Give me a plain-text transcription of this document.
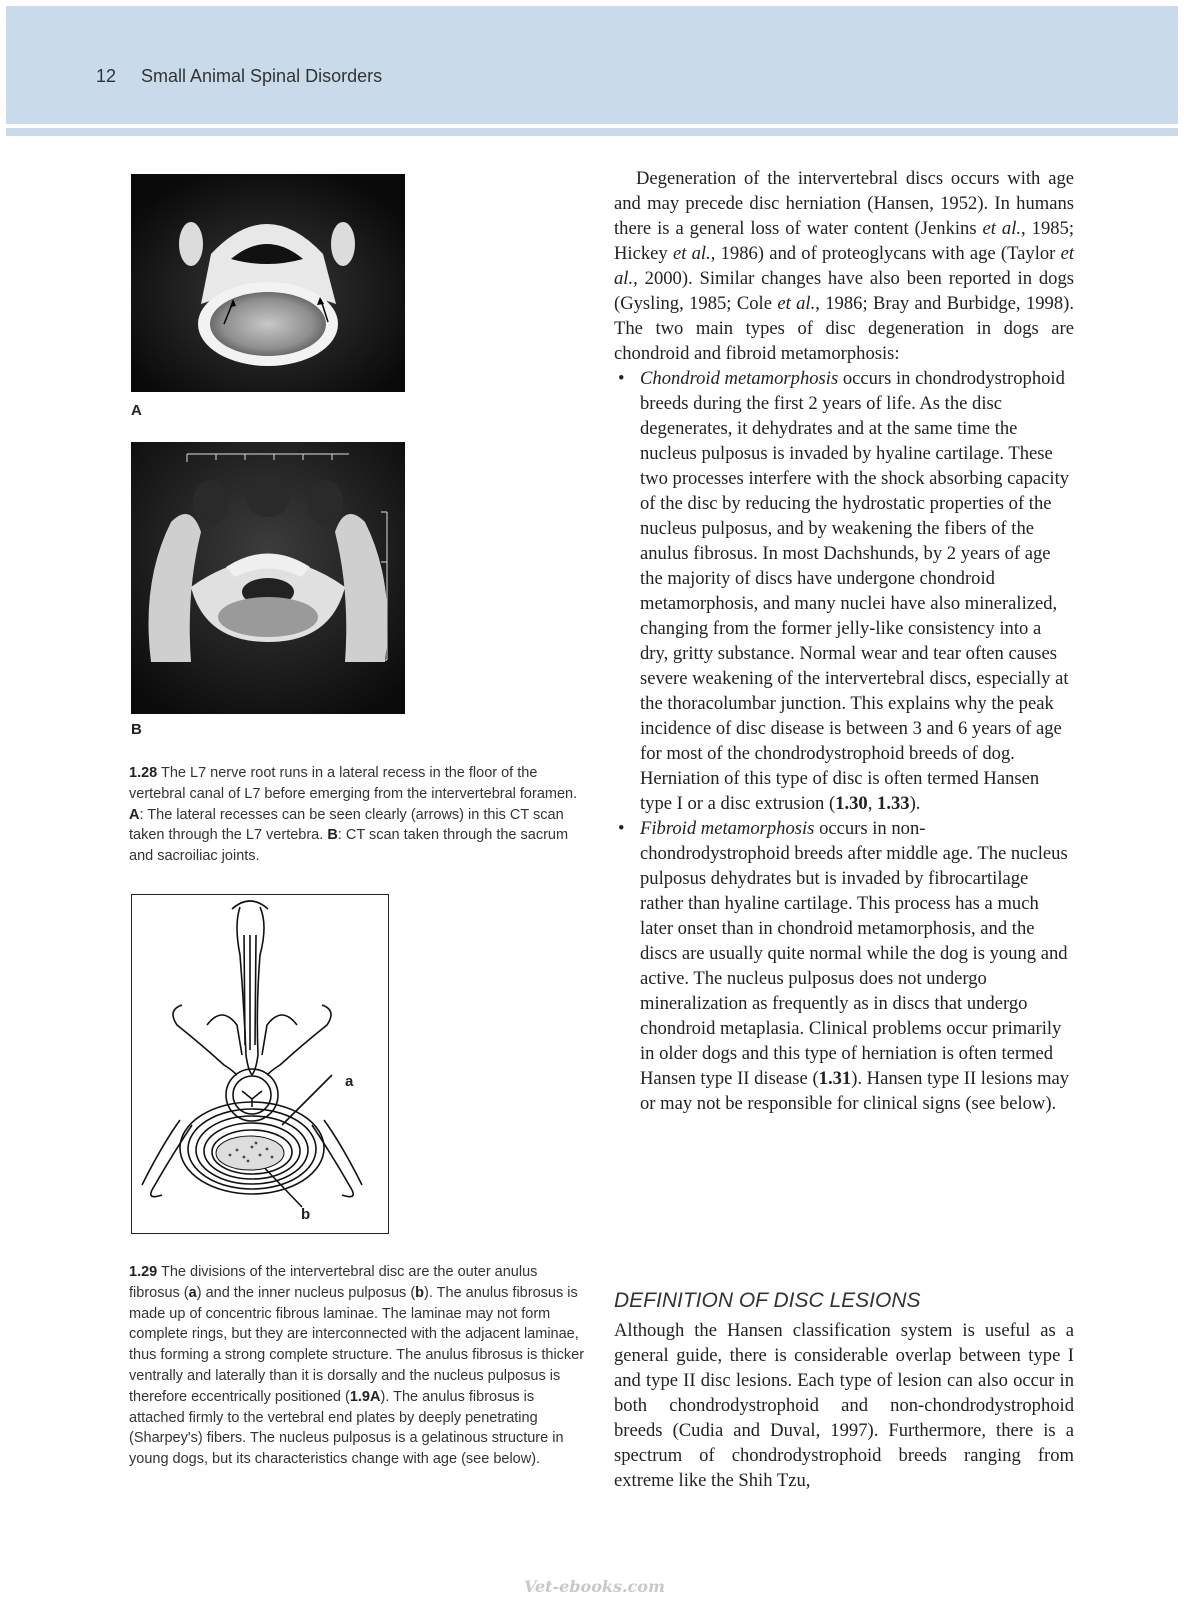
12 Small Animal Spinal Disorders
A
B
1.28 The L7 nerve root runs in a lateral recess in the floor of the vertebral canal of L7 before emerging from the intervertebral foramen. A: The lateral recesses can be seen clearly (arrows) in this CT scan taken through the L7 vertebra. B: CT scan taken through the sacrum and sacroiliac joints.
a
b
1.29 The divisions of the intervertebral disc are the outer anulus fibrosus (a) and the inner nucleus pulposus (b). The anulus fibrosus is made up of concentric fibrous laminae. The laminae may not form complete rings, but they are interconnected with the adjacent laminae, thus forming a strong complete structure. The anulus fibrosus is thicker ventrally and laterally than it is dorsally and the nucleus pulposus is therefore eccentrically positioned (1.9A). The anulus fibrosus is attached firmly to the vertebral end plates by deeply penetrating (Sharpey's) fibers. The nucleus pulposus is a gelatinous structure in young dogs, but its characteristics change with age (see below).

Degeneration of the intervertebral discs occurs with age and may precede disc herniation (Hansen, 1952). In humans there is a general loss of water content (Jenkins et al., 1985; Hickey et al., 1986) and of proteoglycans with age (Taylor et al., 2000). Similar changes have also been reported in dogs (Gysling, 1985; Cole et al., 1986; Bray and Burbidge, 1998). The two main types of disc degeneration in dogs are chondroid and fibroid metamorphosis:

• Chondroid metamorphosis occurs in chondrodystrophoid breeds during the first 2 years of life. As the disc degenerates, it dehydrates and at the same time the nucleus pulposus is invaded by hyaline cartilage. These two processes interfere with the shock absorbing capacity of the disc by reducing the hydrostatic properties of the nucleus pulposus, and by weakening the fibers of the anulus fibrosus. In most Dachshunds, by 2 years of age the majority of discs have undergone chondroid metamorphosis, and many nuclei have also mineralized, changing from the former jelly-like consistency into a dry, gritty substance. Normal wear and tear often causes severe weakening of the intervertebral discs, especially at the thoracolumbar junction. This explains why the peak incidence of disc disease is between 3 and 6 years of age for most of the chondrodystrophoid breeds of dog. Herniation of this type of disc is often termed Hansen type I or a disc extrusion (1.30, 1.33).
• Fibroid metamorphosis occurs in non-chondrodystrophoid breeds after middle age. The nucleus pulposus dehydrates but is invaded by fibrocartilage rather than hyaline cartilage. This process has a much later onset than in chondroid metamorphosis, and the discs are usually quite normal while the dog is young and active. The nucleus pulposus does not undergo mineralization as frequently as in discs that undergo chondroid metaplasia. Clinical problems occur primarily in older dogs and this type of herniation is often termed Hansen type II disease (1.31). Hansen type II lesions may or may not be responsible for clinical signs (see below).
DEFINITION OF DISC LESIONS
Although the Hansen classification system is useful as a general guide, there is considerable overlap between type I and type II disc lesions. Each type of lesion can also occur in both chondrodystrophoid and non-chondrodystrophoid breeds (Cudia and Duval, 1997). Furthermore, there is a spectrum of chondrodystrophoid breeds ranging from extreme like the Shih Tzu,
Vet-ebooks.com
